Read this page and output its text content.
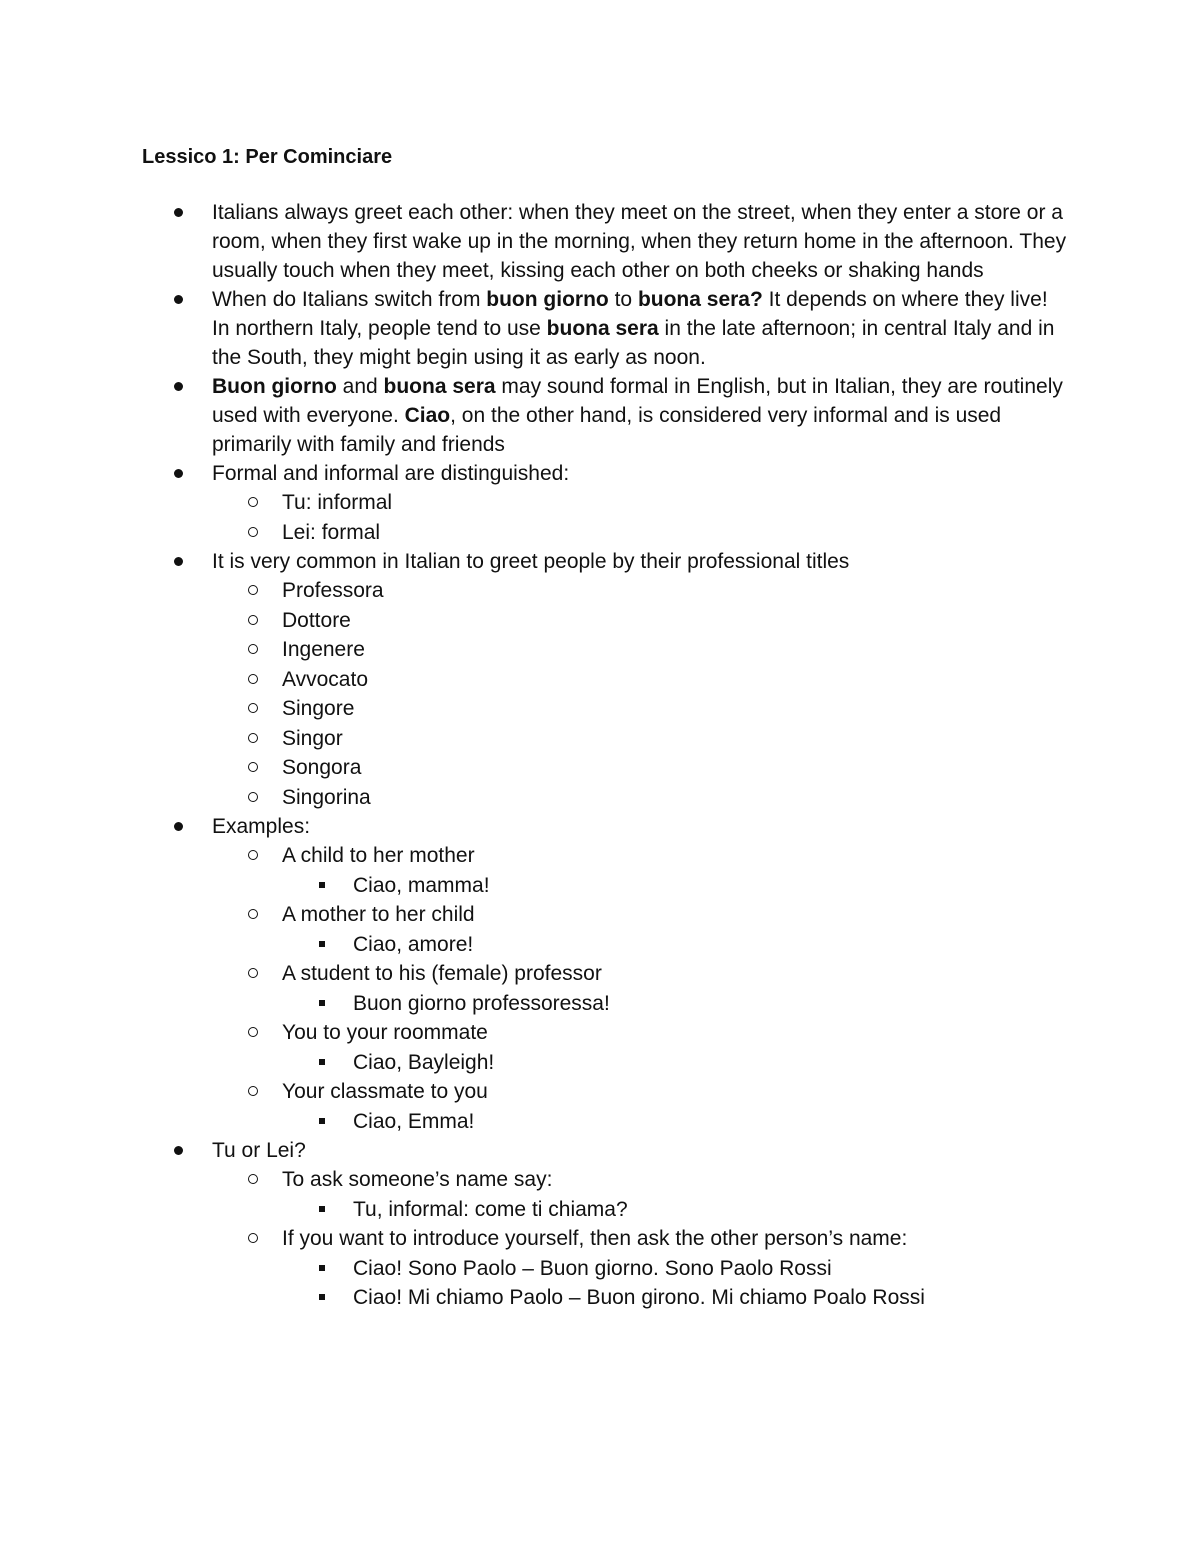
Lessico 1: Per Cominciare

Italians always greet each other: when they meet on the street, when they enter a store or a room, when they first wake up in the morning, when they return home in the afternoon. They usually touch when they meet, kissing each other on both cheeks or shaking hands
When do Italians switch from buon giorno to buona sera? It depends on where they live! In northern Italy, people tend to use buona sera in the late afternoon; in central Italy and in the South, they might begin using it as early as noon.
Buon giorno and buona sera may sound formal in English, but in Italian, they are routinely used with everyone. Ciao, on the other hand, is considered very informal and is used primarily with family and friends
Formal and informal are distinguished:
Tu: informal
Lei: formal
It is very common in Italian to greet people by their professional titles
Professora
Dottore
Ingenere
Avvocato
Singore
Singor
Songora
Singorina
Examples:
A child to her mother
Ciao, mamma!
A mother to her child
Ciao, amore!
A student to his (female) professor
Buon giorno professoressa!
You to your roommate
Ciao, Bayleigh!
Your classmate to you
Ciao, Emma!
Tu or Lei?
To ask someone’s name say:
Tu, informal: come ti chiama?
If you want to introduce yourself, then ask the other person’s name:
Ciao! Sono Paolo – Buon giorno. Sono Paolo Rossi
Ciao! Mi chiamo Paolo – Buon girono. Mi chiamo Poalo Rossi
